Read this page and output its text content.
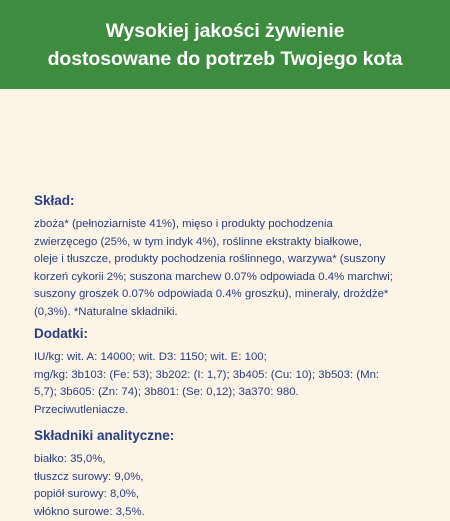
Wysokiej jakości żywienie
dostosowane do potrzeb Twojego kota
Skład:
zboża* (pełnoziarniste 41%), mięso i produkty pochodzenia
zwierzęcego (25%, w tym indyk 4%), roślinne ekstrakty białkowe,
oleje i tłuszcze, produkty pochodzenia roślinnego, warzywa* (suszony
korzeń cykorii 2%; suszona marchew 0.07% odpowiada 0.4% marchwi;
suszony groszek 0.07% odpowiada 0.4% groszku), minerały, drożdże*
(0,3%). *Naturalne składniki.
Dodatki:
IU/kg: wit. A: 14000; wit. D3: 1150; wit. E: 100;
mg/kg: 3b103: (Fe: 53); 3b202: (I: 1,7); 3b405: (Cu: 10); 3b503: (Mn:
5,7); 3b605: (Zn: 74); 3b801: (Se: 0,12); 3a370: 980.
Przeciwutleniacze.
Składniki analityczne:
białko: 35,0%,
tłuszcz surowy: 9,0%,
popiół surowy: 8,0%,
włókno surowe: 3,5%.
